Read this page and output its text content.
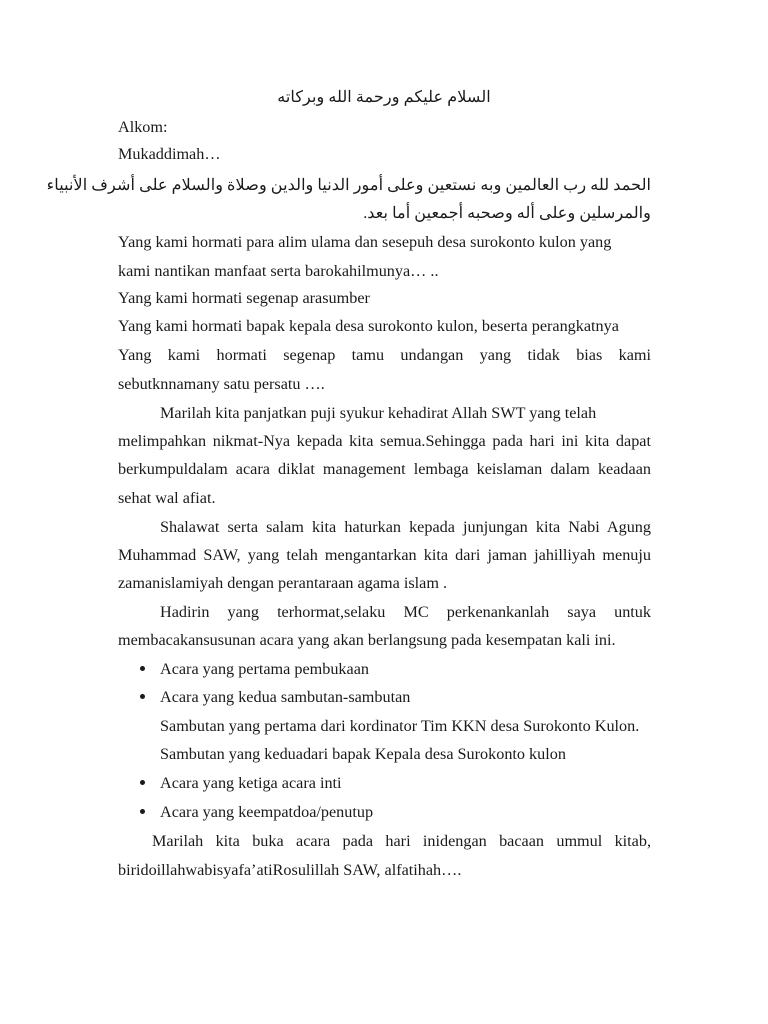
السلام عليكم ورحمة الله وبركاته
Alkom:
Mukaddimah…
الحمد لله رب العالمين وبه نستعين وعلى أمور الدنيا والدين وصلاة والسلام على أشرف الأنبياء
والمرسلين وعلى أله وصحبه أجمعين أما بعد.
Yang kami hormati para alim ulama dan sesepuh desa surokonto kulon yang
kami nantikan manfaat serta barokahilmunya… ..
Yang kami hormati segenap arasumber
Yang kami hormati bapak kepala desa surokonto kulon, beserta perangkatnya
Yang kami hormati segenap tamu undangan yang tidak bias kami
sebutknnamany satu persatu ….
Marilah kita panjatkan puji syukur kehadirat Allah SWT yang telah
melimpahkan nikmat-Nya kepada kita semua.Sehingga pada hari ini kita dapat
berkumpuldalam acara diklat management lembaga keislaman dalam keadaan
sehat wal afiat.
Shalawat serta salam kita haturkan kepada junjungan kita Nabi Agung
Muhammad SAW, yang telah mengantarkan kita dari jaman jahilliyah menuju
zamanislamiyah dengan perantaraan agama islam .
Hadirin yang terhormat,selaku MC perkenankanlah saya untuk
membacakansusunan acara yang akan berlangsung pada kesempatan kali ini.
Acara yang pertama pembukaan
Acara yang kedua sambutan-sambutan
Sambutan yang pertama dari kordinator Tim KKN desa Surokonto Kulon.
Sambutan yang keduadari bapak Kepala desa Surokonto kulon
Acara yang ketiga acara inti
Acara yang keempatdoa/penutup
Marilah kita buka acara pada hari inidengan bacaan ummul kitab,
biridoillahwabisyafa’atiRosulillah SAW, alfatihah….
